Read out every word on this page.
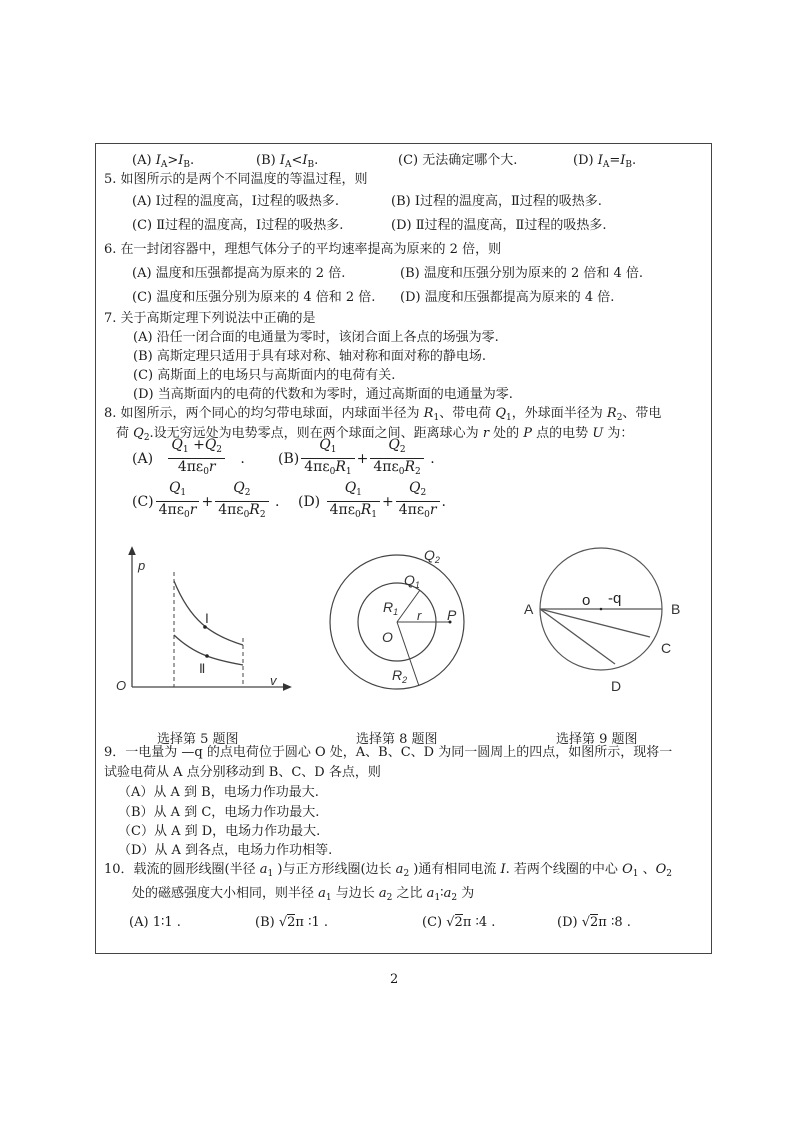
(A) $I_A>I_B$.	(B) $I_A<I_B$.	(C) 无法确定哪个大.	(D) $I_A=I_B$.
5. 如图所示的是两个不同温度的等温过程，则
(A) Ⅰ过程的温度高，Ⅰ过程的吸热多.	(B) Ⅰ过程的温度高，Ⅱ过程的吸热多.
(C) Ⅱ过程的温度高，Ⅰ过程的吸热多.	(D) Ⅱ过程的温度高，Ⅱ过程的吸热多.
6. 在一封闭容器中，理想气体分子的平均速率提高为原来的 2 倍，则
(A) 温度和压强都提高为原来的 2 倍.	(B) 温度和压强分别为原来的 2 倍和 4 倍.
(C) 温度和压强分别为原来的 4 倍和 2 倍. (D) 温度和压强都提高为原来的 4 倍.
7. 关于高斯定理下列说法中正确的是
(A) 沿任一闭合面的电通量为零时，该闭合面上各点的场强为零.
(B) 高斯定理只适用于具有球对称、轴对称和面对称的静电场.
(C) 高斯面上的电场只与高斯面内的电荷有关.
(D) 当高斯面内的电荷的代数和为零时，通过高斯面的电通量为零.
8. 如图所示，两个同心的均匀带电球面，内球面半径为 $R_1$、带电荷 $Q_1$，外球面半径为 $R_2$、带电
荷 $Q_2$.设无穷远处为电势零点，则在两个球面之间、距离球心为 r 处的 P 点的电势 U 为：
(A)
$\frac{Q_1 +Q_2}{4\pi\varepsilon_0r}$
. $(B) \frac{Q_1}{4\pi\varepsilon_0R_1} + \frac{Q_2}{4\pi\varepsilon_0R_2}$
.
$(C) \frac{Q_1}{4\pi\varepsilon_0r} + \frac{Q_2}{4\pi\varepsilon_0R_2}$
. (D)
$\frac{Q_1}{4\pi\varepsilon_0R_1} + \frac{Q_2}{4\pi\varepsilon_0r}$ .
p
v
O
Ⅰ
Ⅱ
$Q_2$
$Q_1$
$R_1$ r P
O
$R_2$
o -q
A	B
C
D
选择第 5 题图	选择第 8 题图	选择第 9 题图
9．一电量为 —q 的点电荷位于圆心 O 处，A、B、C、D 为同一圆周上的四点，如图所示，现将一
试验电荷从 A 点分别移动到 B、C、D 各点，则
（A）从 A 到 B，电场力作功最大.
（B）从 A 到 C，电场力作功最大.
（C）从 A 到 D，电场力作功最大.
（D）从 A 到各点，电场力作功相等.
10．载流的圆形线圈(半径 $a_1$ )与正方形线圈(边长 $a_2$ )通有相同电流 I. 若两个线圈的中心 $O_1$ 、$O_2$
处的磁感强度大小相同，则半径 $a_1$ 与边长 $a_2$ 之比 $a_1∶a_2$ 为
(A) 1∶1 .	(B) √2π ∶1 .	(C) √2π ∶4 .	(D) √2π ∶8 .
2
